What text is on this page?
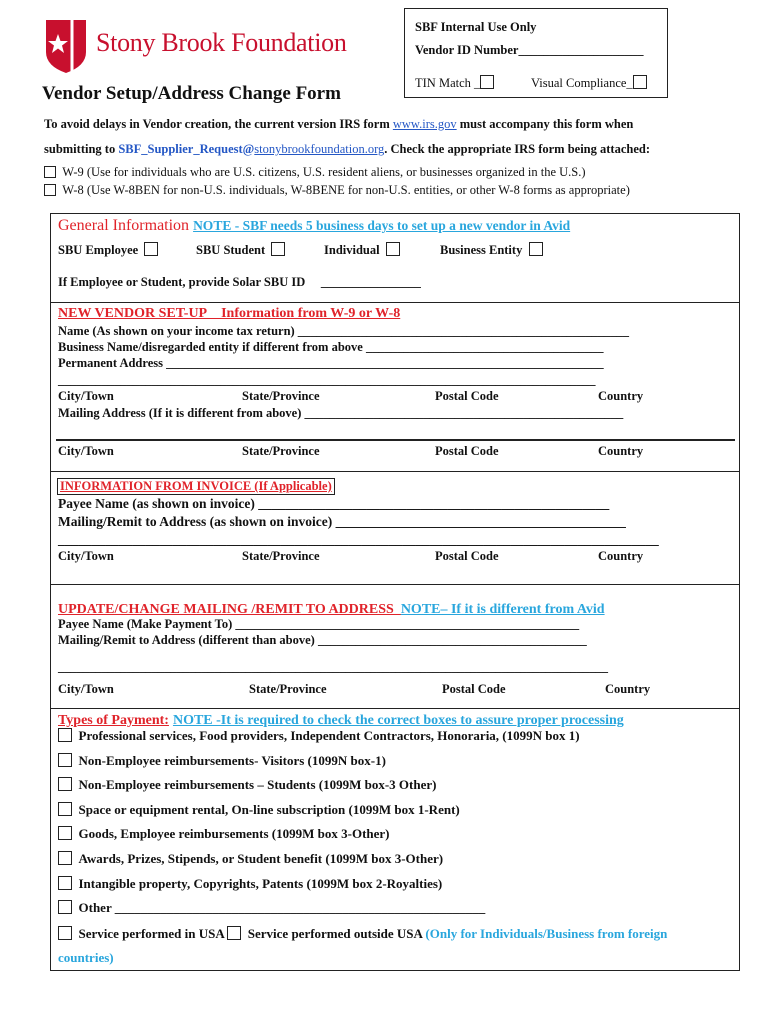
Stony Brook Foundation
SBF Internal Use Only
Vendor ID Number____________________
TIN Match _	Visual Compliance_
Vendor Setup/Address Change Form
To avoid delays in Vendor creation, the current version IRS form www.irs.gov must accompany this form when
submitting to SBF_Supplier_Request@stonybrookfoundation.org. Check the appropriate IRS form being attached:
W-9 (Use for individuals who are U.S. citizens, U.S. resident aliens, or businesses organized in the U.S.)
W-8 (Use W-8BEN for non-U.S. individuals, W-8BENE for non-U.S. entities, or other W-8 forms as appropriate)
General Information NOTE - SBF needs 5 business days to set up a new vendor in Avid
SBU Employee	SBU Student	Individual	Business Entity
If Employee or Student, provide Solar SBU ID ________________
NEW VENDOR SET-UP__Information from W-9 or W-8
Name (As shown on your income tax return) _____________________________________________________
Business Name/disregarded entity if different from above ______________________________________
Permanent Address ______________________________________________________________________
______________________________________________________________________________________
City/Town	State/Province	Postal Code	Country
Mailing Address (If it is different from above) ___________________________________________________
City/Town	State/Province	Postal Code	Country
INFORMATION FROM INVOICE (If Applicable)
Payee Name (as shown on invoice) ____________________________________________________
Mailing/Remit to Address (as shown on invoice) ___________________________________________
_________________________________________________________________________________________
City/Town	State/Province	Postal Code	Country
UPDATE/CHANGE MAILING /REMIT TO ADDRESS_NOTE– If it is different from Avid
Payee Name (Make Payment To) _______________________________________________________
Mailing/Remit to Address (different than above) ___________________________________________
________________________________________________________________________________________
City/Town	State/Province	Postal Code	Country
Types of Payment: NOTE -It is required to check the correct boxes to assure proper processing
Professional services, Food providers, Independent Contractors, Honoraria, (1099N box 1)
Non-Employee reimbursements- Visitors (1099N box-1)
Non-Employee reimbursements – Students (1099M box-3 Other)
Space or equipment rental, On-line subscription (1099M box 1-Rent)
Goods, Employee reimbursements (1099M box 3-Other)
Awards, Prizes, Stipends, or Student benefit (1099M box 3-Other)
Intangible property, Copyrights, Patents (1099M box 2-Royalties)
Other _________________________________________________________
Service performed in USA Service performed outside USA (Only for Individuals/Business from foreign
countries)
